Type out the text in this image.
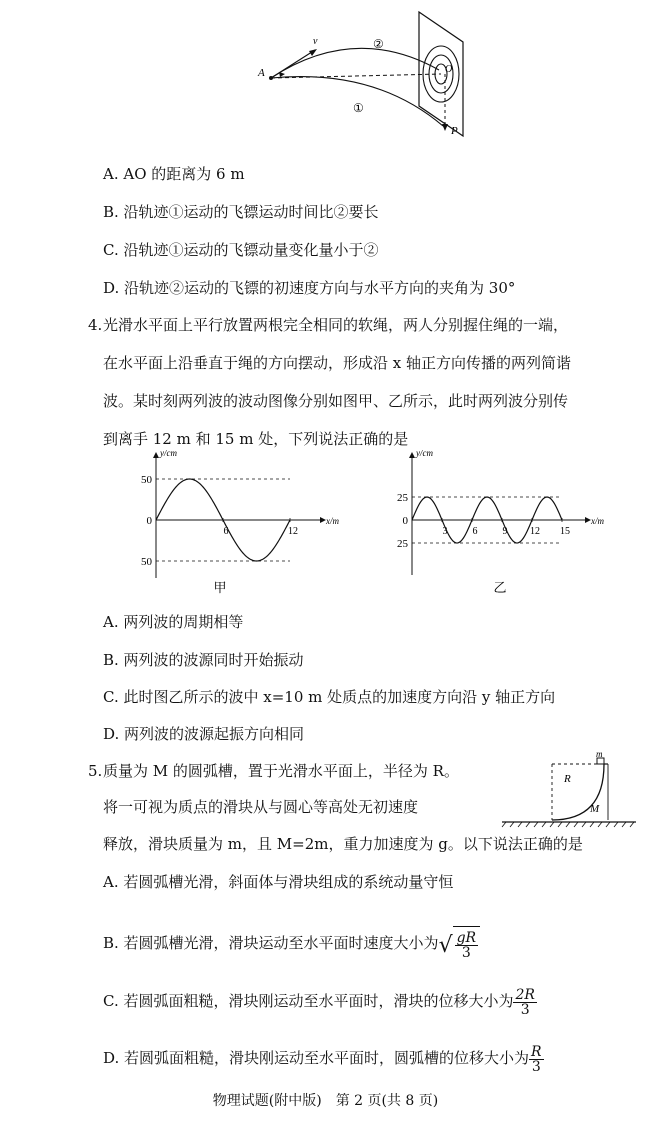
A
v	②
①
O
P
A. AO 的距离为 6 m
B. 沿轨迹①运动的飞镖运动时间比②要长
C. 沿轨迹①运动的飞镖动量变化量小于②
D. 沿轨迹②运动的飞镖的初速度方向与水平方向的夹角为 30°
4. 光滑水平面上平行放置两根完全相同的软绳，两人分别握住绳的一端，
在水平面上沿垂直于绳的方向摆动，形成沿 x 轴正方向传播的两列简谐
波。某时刻两列波的波动图像分别如图甲、乙所示，此时两列波分别传
到离手 12 m 和 15 m 处，下列说法正确的是
y/cm
x/m
50
0
50
6	12
甲
y/cm
x/m
25
0
25
3	6	9 12 15
乙
A. 两列波的周期相等
B. 两列波的波源同时开始振动
C. 此时图乙所示的波中 x=10 m 处质点的加速度方向沿 y 轴正方向
D. 两列波的波源起振方向相同
5. 质量为 M 的圆弧槽，置于光滑水平面上，半径为 R。
将一可视为质点的滑块从与圆心等高处无初速度
释放，滑块质量为 m，且 M=2m，重力加速度为 g。以下说法正确的是
R
m
M
A. 若圆弧槽光滑，斜面体与滑块组成的系统动量守恒
B. 若圆弧槽光滑，滑块运动至水平面时速度大小为√ $\frac{gR}{3}$
C. 若圆弧面粗糙，滑块刚运动至水平面时，滑块的位移大小为 $\frac{2R}{3}$
D. 若圆弧面粗糙，滑块刚运动至水平面时，圆弧槽的位移大小为 $\frac{R}{3}$
物理试题(附中版)　第 2 页(共 8 页)
